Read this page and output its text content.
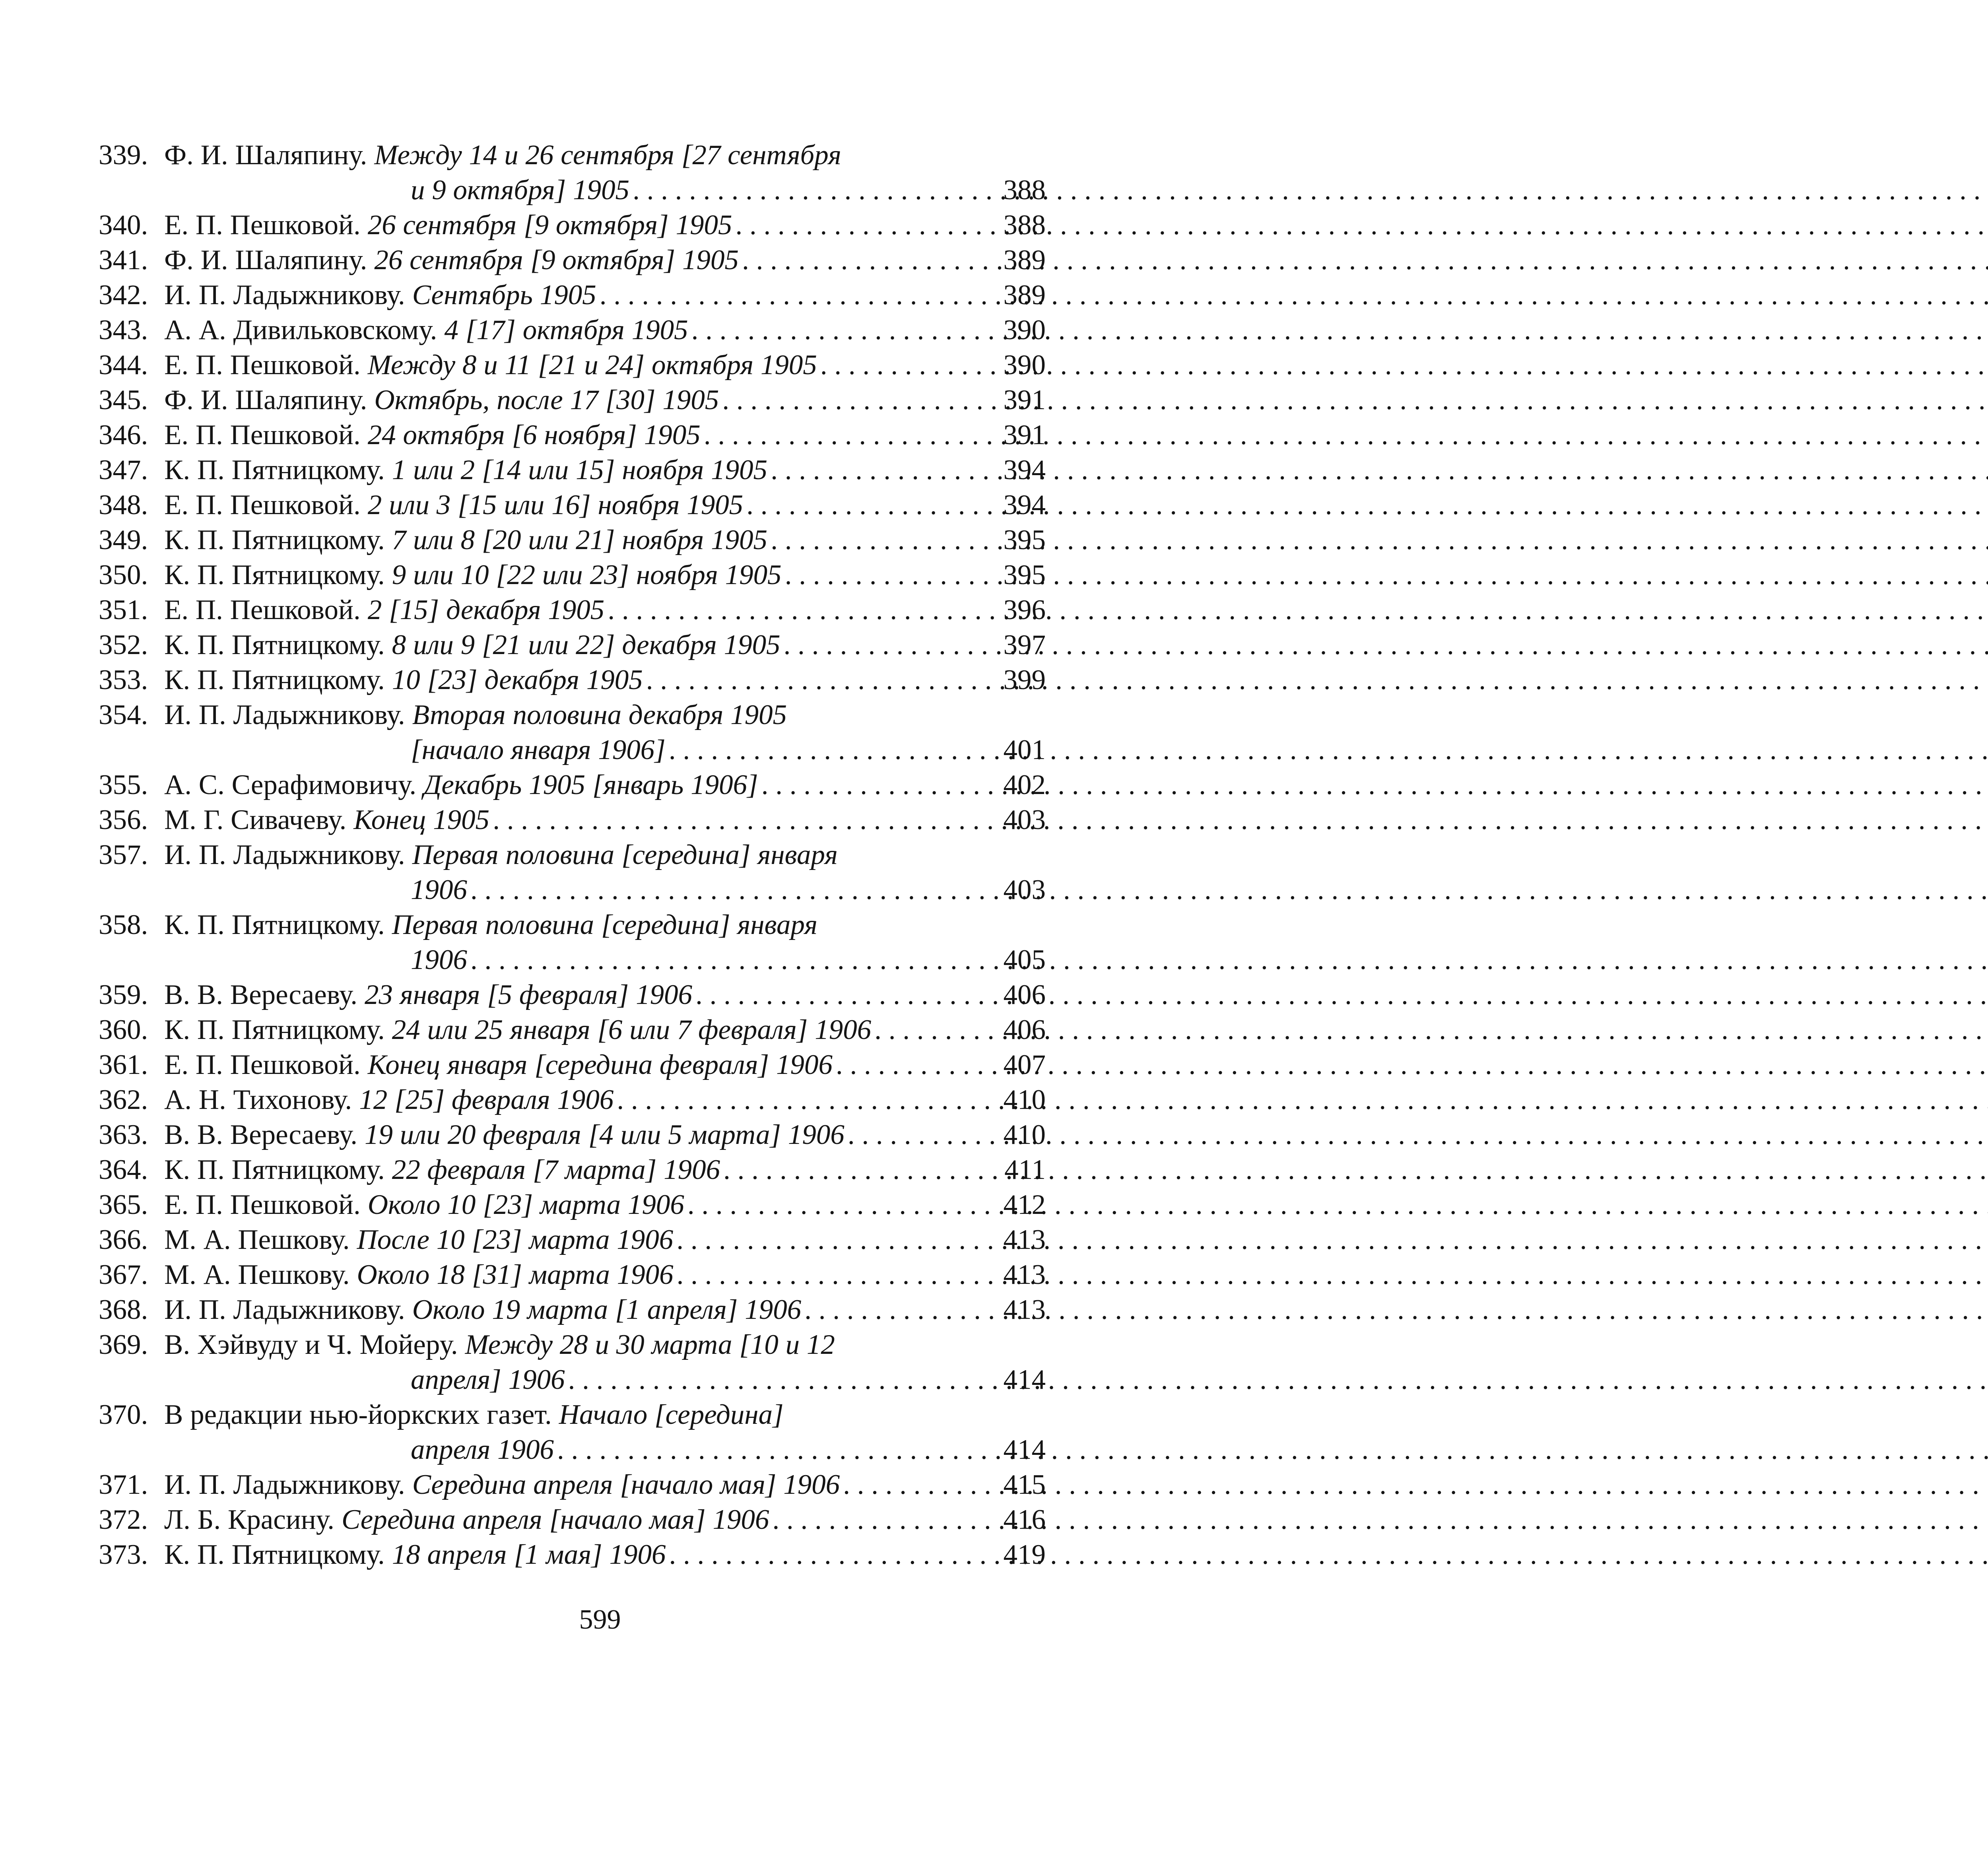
339. Ф. И. Шаляпину. Между 14 и 26 сентября [27 сентября
и 9 октября] 1905 . . .	388
340. Е. П. Пешковой. 26 сентября [9 октября] 1905 . . .	388
341. Ф. И. Шаляпину. 26 сентября [9 октября] 1905 . . .	389
342. И. П. Ладыжникову. Сентябрь 1905 . . .	389
343. А. А. Дивильковскому. 4 [17] октября 1905 . . .	390
344. Е. П. Пешковой. Между 8 и 11 [21 и 24] октября 1905 . . .	390
345. Ф. И. Шаляпину. Октябрь, после 17 [30] 1905 . . .	391
346. Е. П. Пешковой. 24 октября [6 ноября] 1905 . . .	391
347. К. П. Пятницкому. 1 или 2 [14 или 15] ноября 1905 . . .	394
348. Е. П. Пешковой. 2 или 3 [15 или 16] ноября 1905 . . .	394
349. К. П. Пятницкому. 7 или 8 [20 или 21] ноября 1905 . . .	395
350. К. П. Пятницкому. 9 или 10 [22 или 23] ноября 1905 . . .	395
351. Е. П. Пешковой. 2 [15] декабря 1905 . . .	396
352. К. П. Пятницкому. 8 или 9 [21 или 22] декабря 1905 . . .	397
353. К. П. Пятницкому. 10 [23] декабря 1905 . . .	399
354. И. П. Ладыжникову. Вторая половина декабря 1905
[начало января 1906] . . .	401
355. А. С. Серафимовичу. Декабрь 1905 [январь 1906] . . .	402
356. М. Г. Сивачеву. Конец 1905 . . .	403
357. И. П. Ладыжникову. Первая половина [середина] января
1906 . . .	403
358. К. П. Пятницкому. Первая половина [середина] января
1906 . . .	405
359. В. В. Вересаеву. 23 января [5 февраля] 1906 . . .	406
360. К. П. Пятницкому. 24 или 25 января [6 или 7 февраля] 1906 . . .	406
361. Е. П. Пешковой. Конец января [середина февраля] 1906 . . .	407
362. А. Н. Тихонову. 12 [25] февраля 1906 . . .	410
363. В. В. Вересаеву. 19 или 20 февраля [4 или 5 марта] 1906 . . .	410
364. К. П. Пятницкому. 22 февраля [7 марта] 1906 . . .	411
365. Е. П. Пешковой. Около 10 [23] марта 1906 . . .	412
366. М. А. Пешкову. После 10 [23] марта 1906 . . .	413
367. М. А. Пешкову. Около 18 [31] марта 1906 . . .	413
368. И. П. Ладыжникову. Около 19 марта [1 апреля] 1906 . . .	413
369. В. Хэйвуду и Ч. Мойеру. Между 28 и 30 марта [10 и 12
апреля] 1906 . . .	414
370. В редакции нью-йоркских газет. Начало [середина]
апреля 1906 . . .	414
371. И. П. Ладыжникову. Середина апреля [начало мая] 1906 . . .	415
372. Л. Б. Красину. Середина апреля [начало мая] 1906 . . .	416
373. К. П. Пятницкому. 18 апреля [1 мая] 1906 . . .	419
599
